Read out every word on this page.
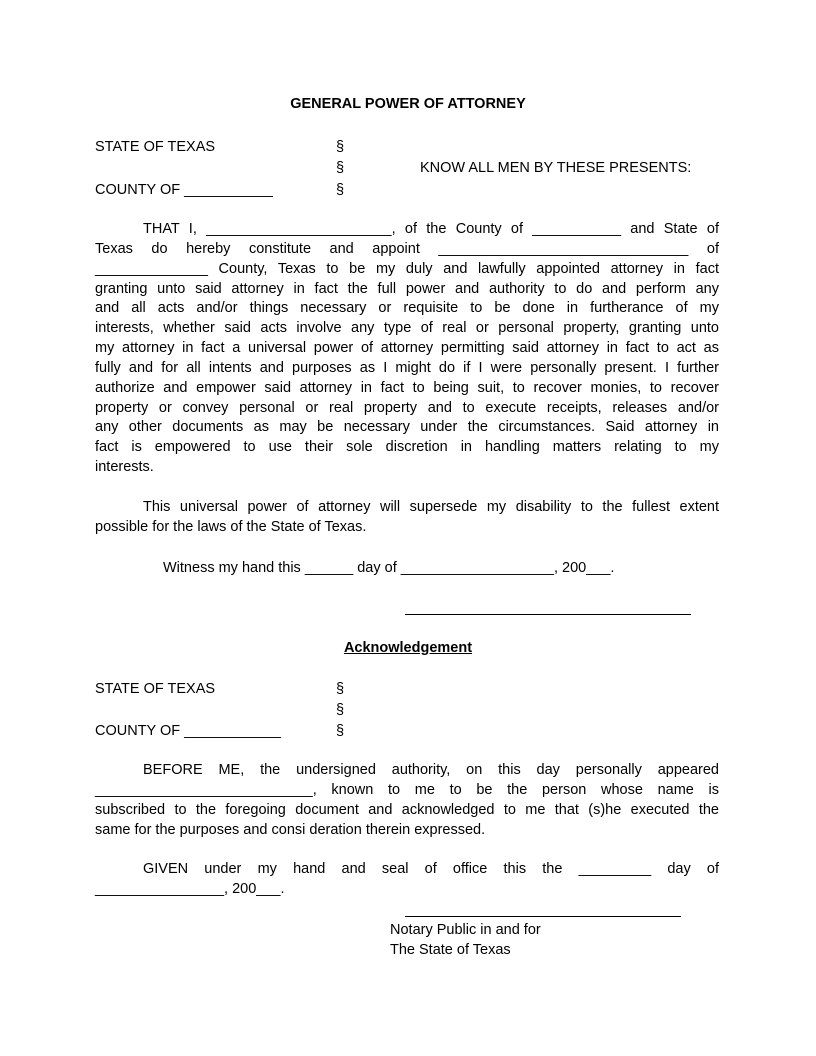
GENERAL POWER OF ATTORNEY
STATE OF TEXAS
COUNTY OF ___________
§
§
§
KNOW ALL MEN BY THESE PRESENTS:
THAT I, _______________________, of the County of ___________ and State of
Texas do hereby constitute and appoint _______________________________ of
______________ County, Texas to be my duly and lawfully appointed attorney in fact
granting unto said attorney in fact the full power and authority to do and perform any
and all acts and/or things necessary or requisite to be done in furtherance of my
interests, whether said acts involve any type of real or personal property, granting unto
my attorney in fact a universal power of attorney permitting said attorney in fact to act as
fully and for all intents and purposes as I might do if I were personally present. I further
authorize and empower said attorney in fact to being suit, to recover monies, to recover
property or convey personal or real property and to execute receipts, releases and/or
any other documents as may be necessary under the circumstances. Said attorney in
fact is empowered to use their sole discretion in handling matters relating to my
interests.
This universal power of attorney will supersede my disability to the fullest extent
possible for the laws of the State of Texas.
Witness my hand this ______ day of ___________________, 200___.
Acknowledgement
STATE OF TEXAS
COUNTY OF ____________
§
§
§
BEFORE ME, the undersigned authority, on this day personally appeared
___________________________, known to me to be the person whose name is
subscribed to the foregoing document and acknowledged to me that (s)he executed the
same for the purposes and consi deration therein expressed.
GIVEN under my hand and seal of office this the _________ day of
________________, 200___.
Notary Public in and for
The State of Texas
